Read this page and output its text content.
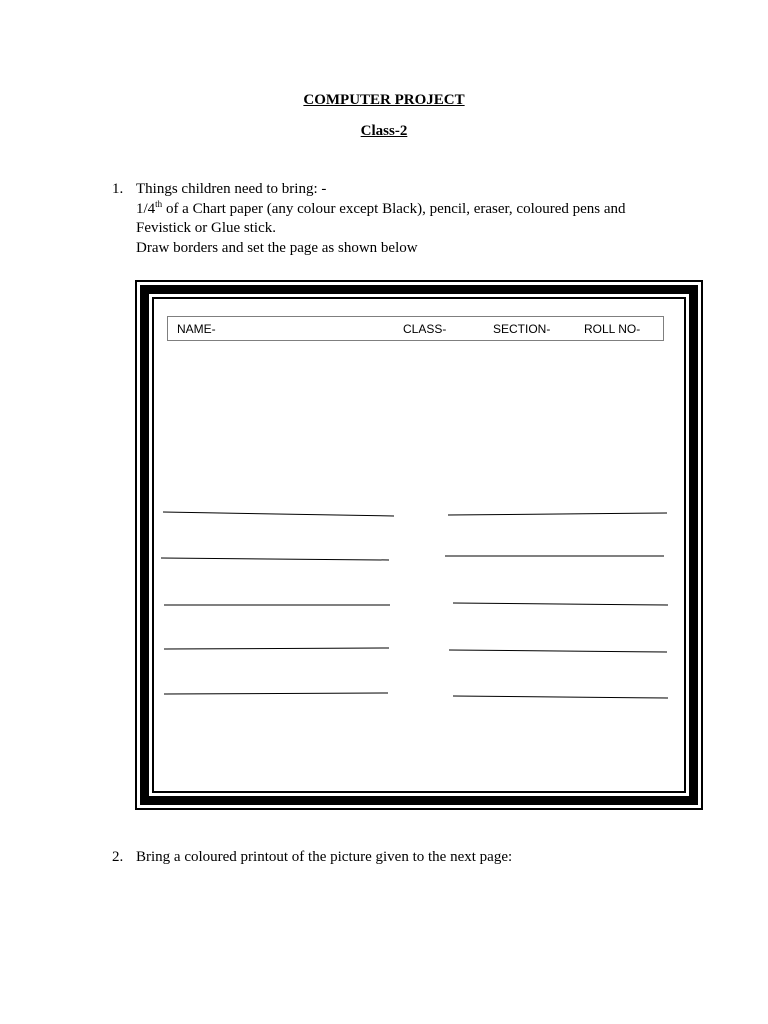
COMPUTER PROJECT
Class-2
1. Things children need to bring: -
1/4th of a Chart paper (any colour except Black), pencil, eraser, coloured pens and
Fevistick or Glue stick.
Draw borders and set the page as shown below
NAME-	CLASS-	SECTION-	ROLL NO-
2. Bring a coloured printout of the picture given to the next page:
